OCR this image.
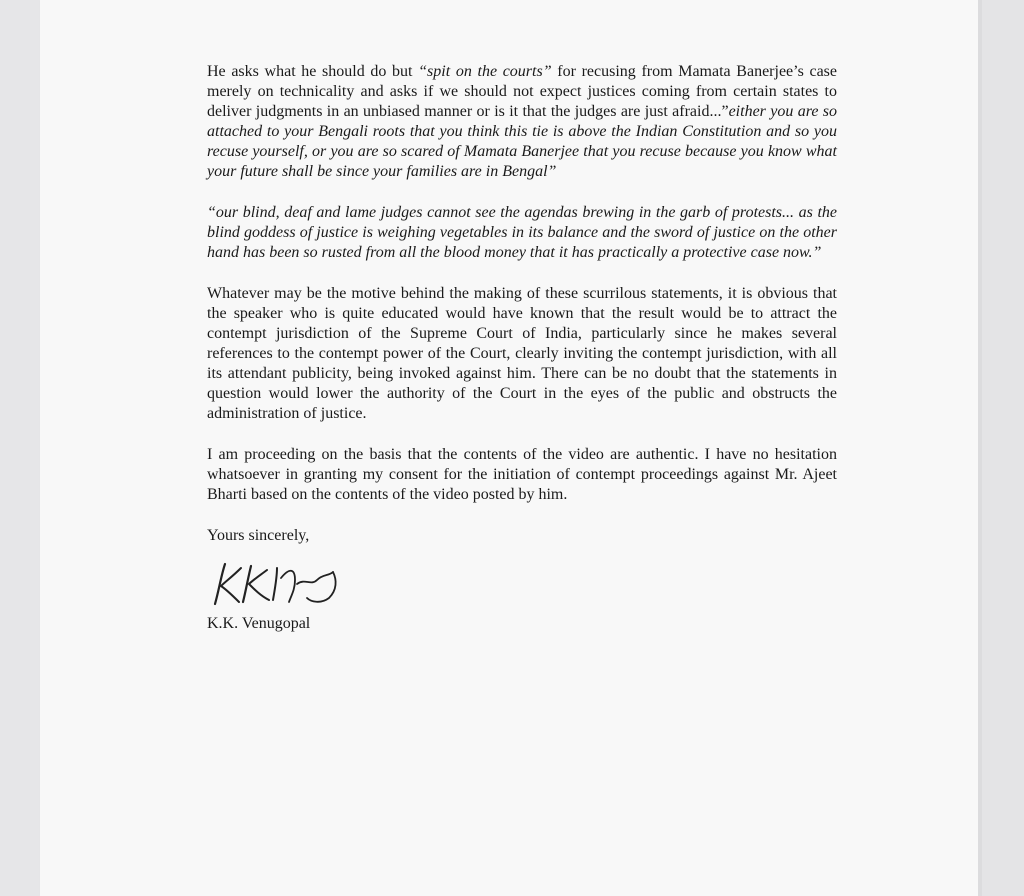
He asks what he should do but “spit on the courts” for recusing from Mamata Banerjee’s case merely on technicality and asks if we should not expect justices coming from certain states to deliver judgments in an unbiased manner or is it that the judges are just afraid...”either you are so attached to your Bengali roots that you think this tie is above the Indian Constitution and so you recuse yourself, or you are so scared of Mamata Banerjee that you recuse because you know what your future shall be since your families are in Bengal”

“our blind, deaf and lame judges cannot see the agendas brewing in the garb of protests... as the blind goddess of justice is weighing vegetables in its balance and the sword of justice on the other hand has been so rusted from all the blood money that it has practically a protective case now.”

Whatever may be the motive behind the making of these scurrilous statements, it is obvious that the speaker who is quite educated would have known that the result would be to attract the contempt jurisdiction of the Supreme Court of India, particularly since he makes several references to the contempt power of the Court, clearly inviting the contempt jurisdiction, with all its attendant publicity, being invoked against him. There can be no doubt that the statements in question would lower the authority of the Court in the eyes of the public and obstructs the administration of justice.

I am proceeding on the basis that the contents of the video are authentic. I have no hesitation whatsoever in granting my consent for the initiation of contempt proceedings against Mr. Ajeet Bharti based on the contents of the video posted by him.

Yours sincerely,

K.K. Venugopal
